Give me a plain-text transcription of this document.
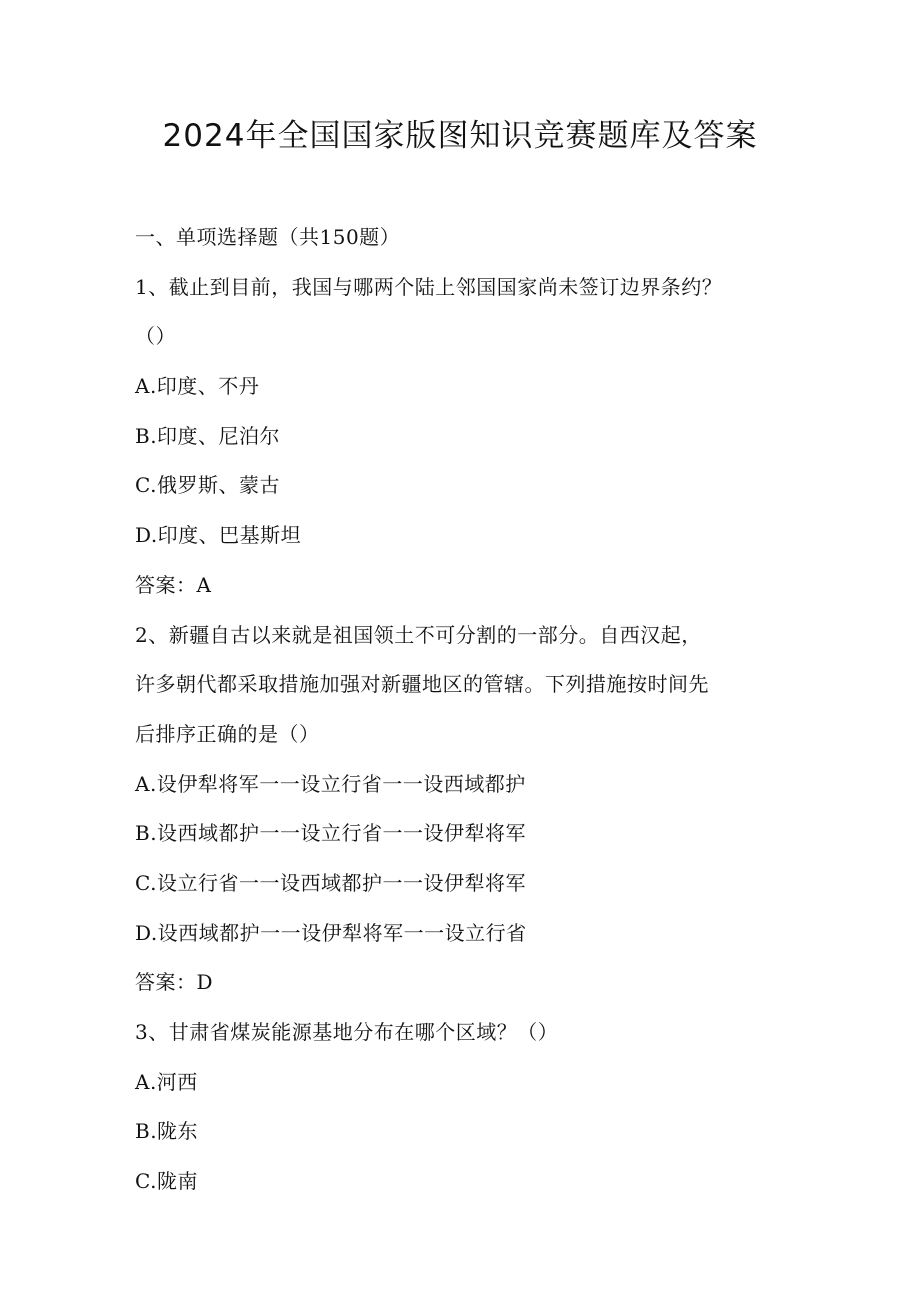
2024年全国国家版图知识竞赛题库及答案
一、单项选择题（共150题）
1、截止到目前，我国与哪两个陆上邻国国家尚未签订边界条约？
（）
A.印度、不丹
B.印度、尼泊尔
C.俄罗斯、蒙古
D.印度、巴基斯坦
答案：A
2、新疆自古以来就是祖国领土不可分割的一部分。自西汉起，
许多朝代都采取措施加强对新疆地区的管辖。下列措施按时间先
后排序正确的是（）
A.设伊犁将军一一设立行省一一设西域都护
B.设西域都护一一设立行省一一设伊犁将军
C.设立行省一一设西域都护一一设伊犁将军
D.设西域都护一一设伊犁将军一一设立行省
答案：D
3、甘肃省煤炭能源基地分布在哪个区域？（）
A.河西
B.陇东
C.陇南
